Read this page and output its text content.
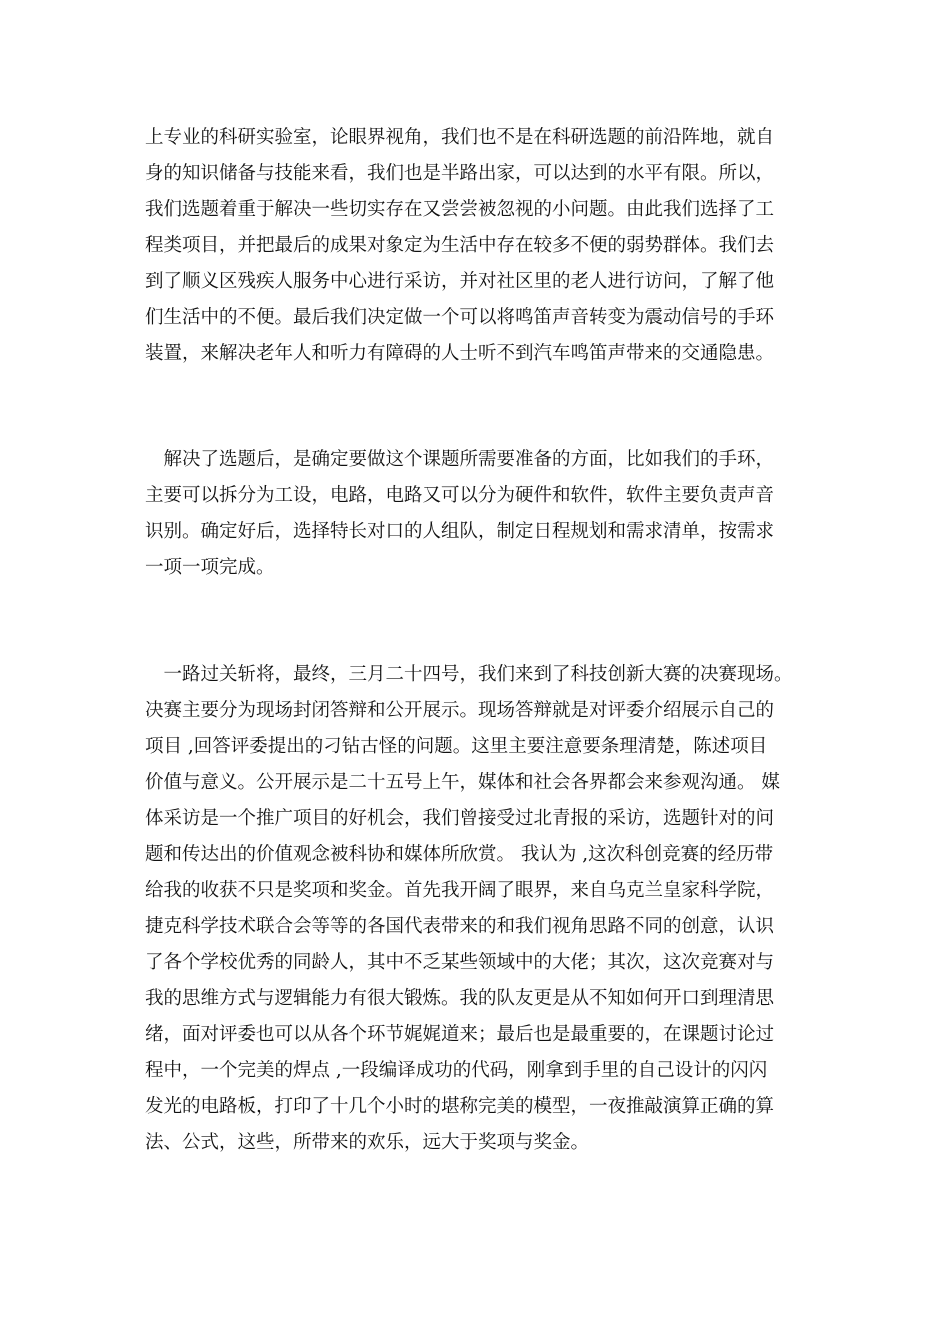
上专业的科研实验室，论眼界视角，我们也不是在科研选题的前沿阵地，就自
身的知识储备与技能来看，我们也是半路出家，可以达到的水平有限。所以，
我们选题着重于解决一些切实存在又尝尝被忽视的小问题。由此我们选择了工
程类项目，并把最后的成果对象定为生活中存在较多不便的弱势群体。我们去
到了顺义区残疾人服务中心进行采访，并对社区里的老人进行访问，了解了他
们生活中的不便。最后我们决定做一个可以将鸣笛声音转变为震动信号的手环
装置，来解决老年人和听力有障碍的人士听不到汽车鸣笛声带来的交通隐患。
　解决了选题后，是确定要做这个课题所需要准备的方面，比如我们的手环，
主要可以拆分为工设，电路，电路又可以分为硬件和软件，软件主要负责声音
识别。确定好后，选择特长对口的人组队，制定日程规划和需求清单，按需求
一项一项完成。
　一路过关斩将，最终，三月二十四号，我们来到了科技创新大赛的决赛现场。
决赛主要分为现场封闭答辩和公开展示。现场答辩就是对评委介绍展示自己的
项目 ,回答评委提出的刁钻古怪的问题。这里主要注意要条理清楚，陈述项目
价值与意义。公开展示是二十五号上午，媒体和社会各界都会来参观沟通。 媒
体采访是一个推广项目的好机会，我们曾接受过北青报的采访，选题针对的问
题和传达出的价值观念被科协和媒体所欣赏。 我认为 ,这次科创竞赛的经历带
给我的收获不只是奖项和奖金。首先我开阔了眼界，来自乌克兰皇家科学院，
捷克科学技术联合会等等的各国代表带来的和我们视角思路不同的创意，认识
了各个学校优秀的同龄人，其中不乏某些领域中的大佬；其次，这次竞赛对与
我的思维方式与逻辑能力有很大锻炼。我的队友更是从不知如何开口到理清思
绪，面对评委也可以从各个环节娓娓道来；最后也是最重要的，在课题讨论过
程中，一个完美的焊点 ,一段编译成功的代码，刚拿到手里的自己设计的闪闪
发光的电路板，打印了十几个小时的堪称完美的模型，一夜推敲演算正确的算
法、公式，这些，所带来的欢乐，远大于奖项与奖金。
